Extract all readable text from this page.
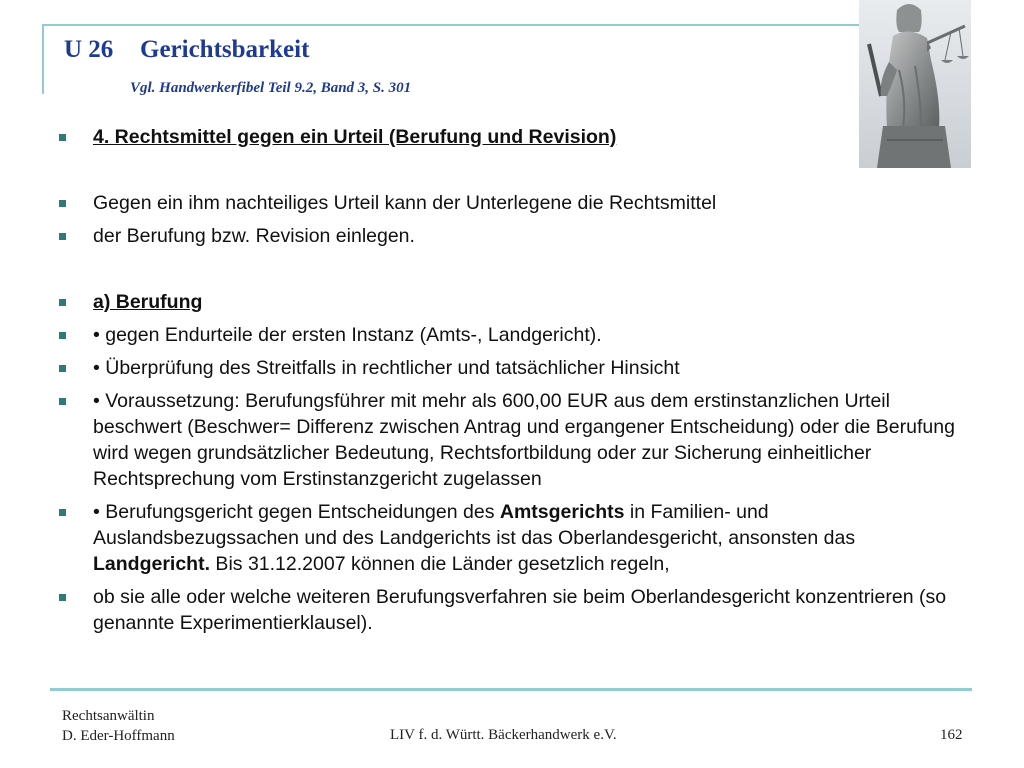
U 26 Gerichtsbarkeit
Vgl. Handwerkerfibel Teil 9.2, Band 3, S. 301
4. Rechtsmittel gegen ein Urteil (Berufung und Revision)
Gegen ein ihm nachteiliges Urteil kann der Unterlegene die Rechtsmittel
der Berufung bzw. Revision einlegen.
a) Berufung
• gegen Endurteile der ersten Instanz (Amts-, Landgericht).
• Überprüfung des Streitfalls in rechtlicher und tatsächlicher Hinsicht
• Voraussetzung: Berufungsführer mit mehr als 600,00 EUR aus dem erstinstanzlichen Urteil beschwert (Beschwer= Differenz zwischen Antrag und ergangener Entscheidung) oder die Berufung wird wegen grundsätzlicher Bedeutung, Rechtsfortbildung oder zur Sicherung einheitlicher Rechtsprechung vom Erstinstanzgericht zugelassen
• Berufungsgericht gegen Entscheidungen des Amtsgerichts in Familien- und Auslandsbezugssachen und des Landgerichts ist das Oberlandesgericht, ansonsten das Landgericht. Bis 31.12.2007 können die Länder gesetzlich regeln,
ob sie alle oder welche weiteren Berufungsverfahren sie beim Oberlandesgericht konzentrieren (so genannte Experimentierklausel).
Rechtsanwältin
D. Eder-Hoffmann	LIV f. d. Württ. Bäckerhandwerk e.V.	162
